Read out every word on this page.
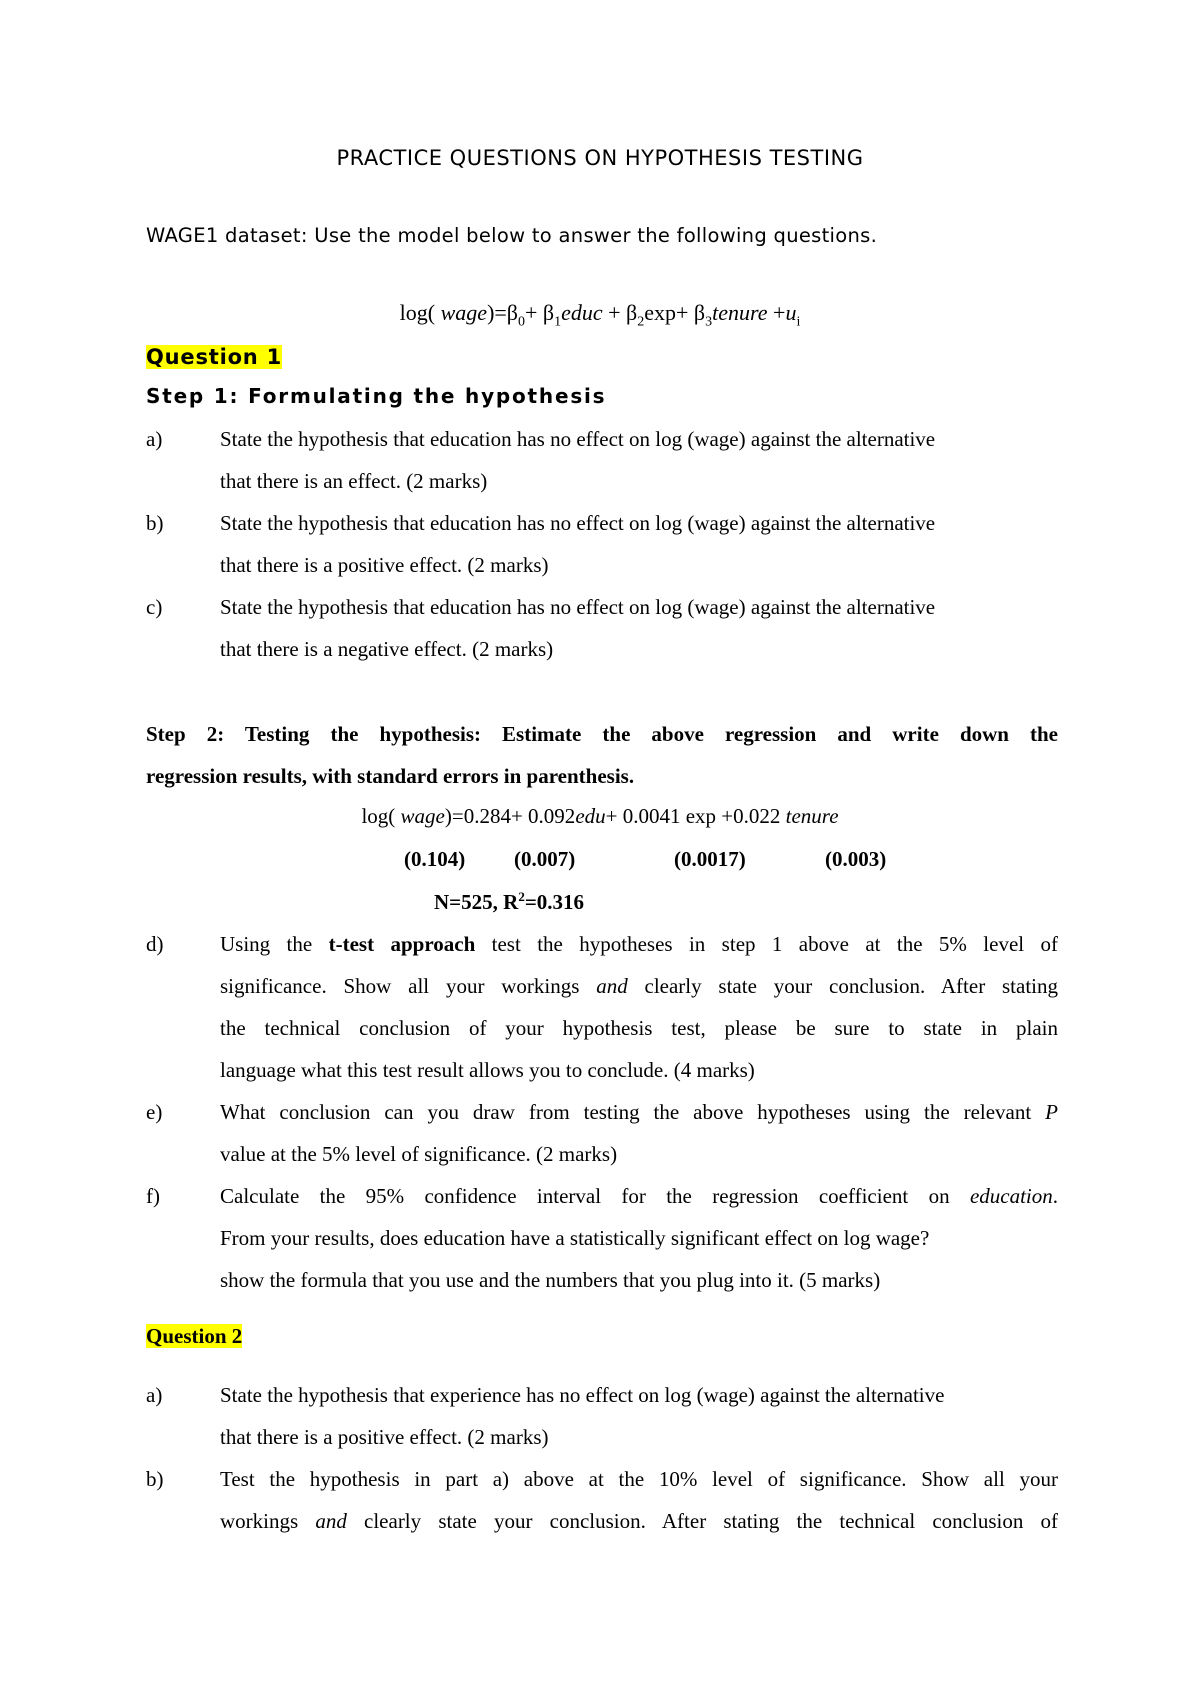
PRACTICE QUESTIONS ON HYPOTHESIS TESTING
WAGE1 dataset: Use the model below to answer the following questions.
log( $wage)=\beta_0+$ $\beta_1educ + \beta_2\exp+$ $\beta_3tenure +u_i$
Question 1
Step 1: Formulating the hypothesis
a)	State the hypothesis that education has no effect on log (wage) against the alternative
that there is an effect. (2 marks)
b)	State the hypothesis that education has no effect on log (wage) against the alternative
that there is a positive effect. (2 marks)
c)	State the hypothesis that education has no effect on log (wage) against the alternative
that there is a negative effect. (2 marks)
Step 2: Testing the hypothesis: Estimate the above regression and write down the
regression results, with standard errors in parenthesis.
log( wage)=0.284+ 0.092edu+ 0.0041 exp +0.022 tenure
(0.104) (0.007)	(0.0017)	(0.003)
N=525, $R^2=0.316$
d)	Using the t-test approach test the hypotheses in step 1 above at the 5% level of
significance. Show all your workings and clearly state your conclusion. After stating
the technical conclusion of your hypothesis test, please be sure to state in plain
language what this test result allows you to conclude. (4 marks)
e)	What conclusion can you draw from testing the above hypotheses using the relevant P
value at the 5% level of significance. (2 marks)
f)	Calculate the 95% confidence interval for the regression coefficient on education.
From your results, does education have a statistically significant effect on log wage?
show the formula that you use and the numbers that you plug into it. (5 marks)
Question 2
a)	State the hypothesis that experience has no effect on log (wage) against the alternative
that there is a positive effect. (2 marks)
b)	Test the hypothesis in part a) above at the 10% level of significance. Show all your
workings and clearly state your conclusion. After stating the technical conclusion of
